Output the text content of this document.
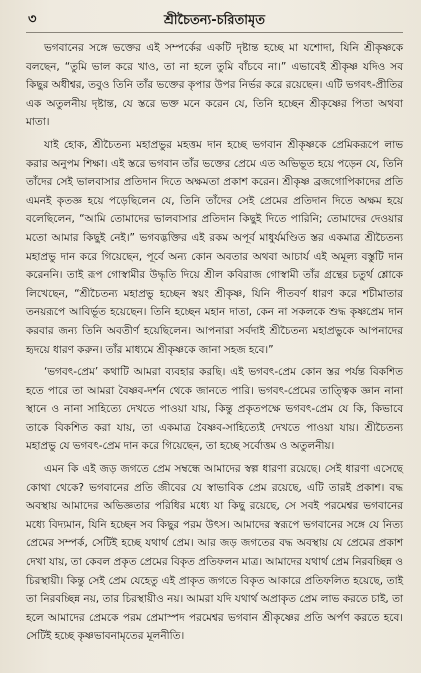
৩	শ্রীচৈতন্য-চরিতামৃত

ভগবানের সঙ্গে ভক্তের এই সম্পর্কের একটি দৃষ্টান্ত হচ্ছে মা যশোদা, যিনি শ্রীকৃষ্ণকে বলছেন, “তুমি ভাল করে খাও, তা না হলে তুমি বাঁচবে না।” এভাবেই শ্রীকৃষ্ণ যদিও সব কিছুর অধীশ্বর, তবুও তিনি তাঁর ভক্তের কৃপার উপর নির্ভর করে রয়েছেন। এটি ভগবৎ-প্রীতির এক অতুলনীয় দৃষ্টান্ত, যে স্তরে ভক্ত মনে করেন যে, তিনি হচ্ছেন শ্রীকৃষ্ণের পিতা অথবা মাতা।

যাই হোক, শ্রীচৈতন্য মহাপ্রভুর মহত্তম দান হচ্ছে ভগবান শ্রীকৃষ্ণকে প্রেমিকরূপে লাভ করার অনুপম শিক্ষা। এই স্তরে ভগবান তাঁর ভক্তের প্রেমে এত অভিভূত হয়ে পড়েন যে, তিনি তাঁদের সেই ভালবাসার প্রতিদান দিতে অক্ষমতা প্রকাশ করেন। শ্রীকৃষ্ণ ব্রজগোপিকাদের প্রতি এমনই কৃতজ্ঞ হয়ে পড়েছিলেন যে, তিনি তাঁদের সেই প্রেমের প্রতিদান দিতে অক্ষম হয়ে বলেছিলেন, “আমি তোমাদের ভালবাসার প্রতিদান কিছুই দিতে পারিনি; তোমাদের দেওয়ার মতো আমার কিছুই নেই।” ভগবদ্ভক্তির এই রকম অপূর্ব মাধুর্যমণ্ডিত স্তর একমাত্র শ্রীচৈতন্য মহাপ্রভু দান করে গিয়েছেন, পূর্বে অন্য কোন অবতার অথবা আচার্য এই অমূল্য বস্তুটি দান করেননি। তাই রূপ গোস্বামীর উদ্ধৃতি দিয়ে শ্রীল কবিরাজ গোস্বামী তাঁর গ্রন্থের চতুর্থ শ্লোকে লিখেছেন, “শ্রীচৈতন্য মহাপ্রভু হচ্ছেন স্বয়ং শ্রীকৃষ্ণ, যিনি পীতবর্ণ ধারণ করে শচীমাতার তনয়রূপে আবির্ভূত হয়েছেন। তিনি হচ্ছেন মহান দাতা, কেন না সকলকে শুদ্ধ কৃষ্ণপ্রেম দান করবার জন্য তিনি অবতীর্ণ হয়েছিলেন। আপনারা সর্বদাই শ্রীচৈতন্য মহাপ্রভুকে আপনাদের হৃদয়ে ধারণ করুন। তাঁর মাধ্যমে শ্রীকৃষ্ণকে জানা সহজ হবে।”

‘ভগবৎ-প্রেম’ কথাটি আমরা ব্যবহার করছি। এই ভগবৎ-প্রেম কোন স্তর পর্যন্ত বিকশিত হতে পারে তা আমরা বৈষ্ণব-দর্শন থেকে জানতে পারি। ভগবৎ-প্রেমের তাত্ত্বিক জ্ঞান নানা স্থানে ও নানা সাহিত্যে দেখতে পাওয়া যায়, কিন্তু প্রকৃতপক্ষে ভগবৎ-প্রেম যে কি, কিভাবে তাকে বিকশিত করা যায়, তা একমাত্র বৈষ্ণব-সাহিত্যেই দেখতে পাওয়া যায়। শ্রীচৈতন্য মহাপ্রভু যে ভগবৎ-প্রেম দান করে গিয়েছেন, তা হচ্ছে সর্বোত্তম ও অতুলনীয়।

এমন কি এই জড় জগতে প্রেম সম্বন্ধে আমাদের স্বল্প ধারণা রয়েছে। সেই ধারণা এসেছে কোথা থেকে? ভগবানের প্রতি জীবের যে স্বাভাবিক প্রেম রয়েছে, এটি তারই প্রকাশ। বদ্ধ অবস্থায় আমাদের অভিজ্ঞতার পরিধির মধ্যে যা কিছু রয়েছে, সে সবই পরমেশ্বর ভগবানের মধ্যে বিদ্যমান, যিনি হচ্ছেন সব কিছুর পরম উৎস। আমাদের স্বরূপে ভগবানের সঙ্গে যে নিত্য প্রেমের সম্পর্ক, সেটিই হচ্ছে যথার্থ প্রেম। আর জড় জগতের বদ্ধ অবস্থায় যে প্রেমের প্রকাশ দেখা যায়, তা কেবল প্রকৃত প্রেমের বিকৃত প্রতিফলন মাত্র। আমাদের যথার্থ প্রেম নিরবচ্ছিন্ন ও চিরস্থায়ী। কিন্তু সেই প্রেম যেহেতু এই প্রাকৃত জগতে বিকৃত আকারে প্রতিফলিত হয়েছে, তাই তা নিরবচ্ছিন্ন নয়, তার চিরস্থায়ীও নয়। আমরা যদি যথার্থ অপ্রাকৃত প্রেম লাভ করতে চাই, তা হলে আমাদের প্রেমকে পরম প্রেমাস্পদ পরমেশ্বর ভগবান শ্রীকৃষ্ণের প্রতি অর্পণ করতে হবে। সেটিই হচ্ছে কৃষ্ণভাবনামৃতের মূলনীতি।
